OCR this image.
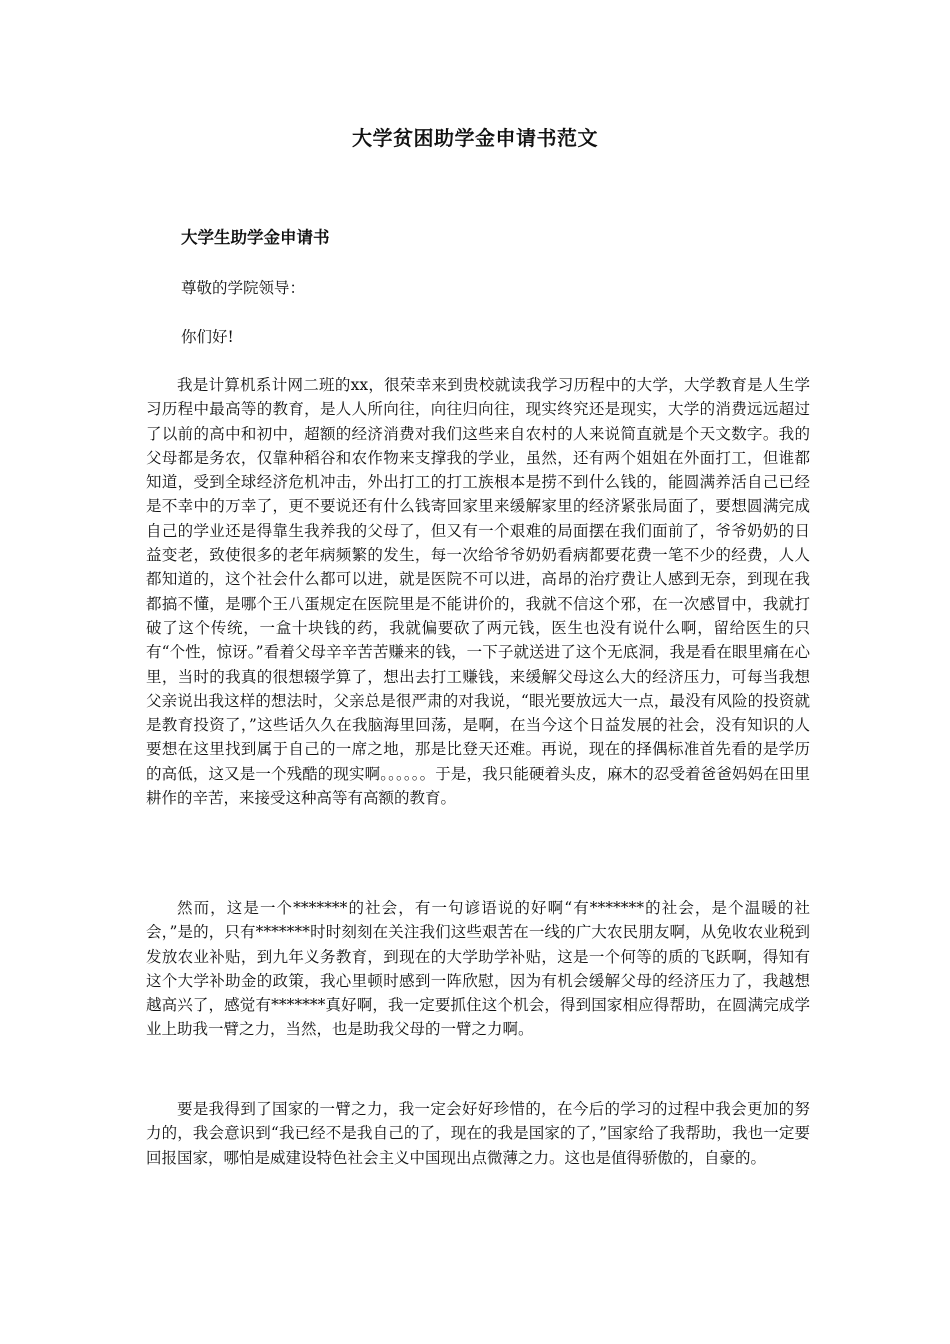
大学贫困助学金申请书范文
大学生助学金申请书
尊敬的学院领导：
你们好!

我是计算机系计网二班的xx，很荣幸来到贵校就读我学习历程中的大学，大学教育是人生学习历程中最高等的教育，是人人所向往，向往归向往，现实终究还是现实，大学的消费远远超过了以前的高中和初中，超额的经济消费对我们这些来自农村的人来说简直就是个天文数字。我的父母都是务农，仅靠种稻谷和农作物来支撑我的学业，虽然，还有两个姐姐在外面打工，但谁都知道，受到全球经济危机冲击，外出打工的打工族根本是捞不到什么钱的，能圆满养活自己已经是不幸中的万幸了，更不要说还有什么钱寄回家里来缓解家里的经济紧张局面了，要想圆满完成自己的学业还是得靠生我养我的父母了，但又有一个艰难的局面摆在我们面前了，爷爷奶奶的日益变老，致使很多的老年病频繁的发生，每一次给爷爷奶奶看病都要花费一笔不少的经费，人人都知道的，这个社会什么都可以进，就是医院不可以进，高昂的治疗费让人感到无奈，到现在我都搞不懂，是哪个王八蛋规定在医院里是不能讲价的，我就不信这个邪，在一次感冒中，我就打破了这个传统，一盒十块钱的药，我就偏要砍了两元钱，医生也没有说什么啊，留给医生的只有“个性，惊讶。”看着父母辛辛苦苦赚来的钱，一下子就送进了这个无底洞，我是看在眼里痛在心里，当时的我真的很想辍学算了，想出去打工赚钱，来缓解父母这么大的经济压力，可每当我想父亲说出我这样的想法时，父亲总是很严肃的对我说，“眼光要放远大一点，最没有风险的投资就是教育投资了，”这些话久久在我脑海里回荡，是啊，在当今这个日益发展的社会，没有知识的人要想在这里找到属于自己的一席之地，那是比登天还难。再说，现在的择偶标准首先看的是学历的高低，这又是一个残酷的现实啊。。。。。。于是，我只能硬着头皮，麻木的忍受着爸爸妈妈在田里耕作的辛苦，来接受这种高等有高额的教育。

然而，这是一个*******的社会，有一句谚语说的好啊“有*******的社会，是个温暖的社会，”是的，只有*******时时刻刻在关注我们这些艰苦在一线的广大农民朋友啊，从免收农业税到发放农业补贴，到九年义务教育，到现在的大学助学补贴，这是一个何等的质的飞跃啊，得知有这个大学补助金的政策，我心里顿时感到一阵欣慰，因为有机会缓解父母的经济压力了，我越想越高兴了，感觉有*******真好啊，我一定要抓住这个机会，得到国家相应得帮助，在圆满完成学业上助我一臂之力，当然，也是助我父母的一臂之力啊。

要是我得到了国家的一臂之力，我一定会好好珍惜的，在今后的学习的过程中我会更加的努力的，我会意识到“我已经不是我自己的了，现在的我是国家的了，”国家给了我帮助，我也一定要回报国家，哪怕是威建设特色社会主义中国现出点微薄之力。这也是值得骄傲的，自豪的。
